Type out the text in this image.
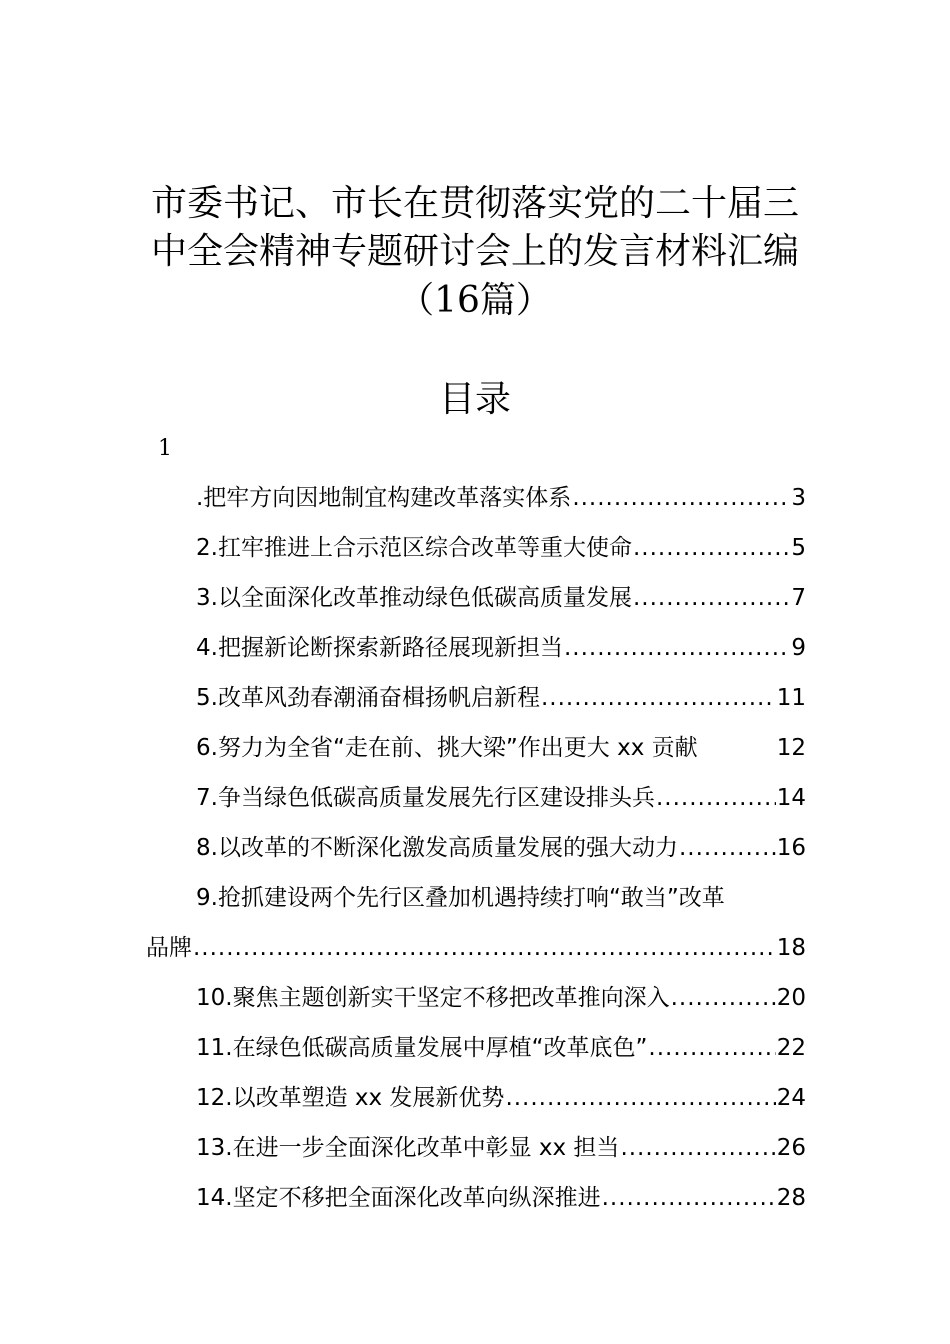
市委书记、市长在贯彻落实党的二十届三
中全会精神专题研讨会上的发言材料汇编
（16篇）
目录
1
.把牢方向因地制宜构建改革落实体系 .....	3
2.扛牢推进上合示范区综合改革等重大使命 .....	5
3.以全面深化改革推动绿色低碳高质量发展 .....	7
4.把握新论断探索新路径展现新担当 .....	9
5.改革风劲春潮涌奋楫扬帆启新程 .....	11
6.努力为全省“走在前、挑大梁”作出更大 xx 贡献	12
7.争当绿色低碳高质量发展先行区建设排头兵 .....	14
8.以改革的不断深化激发高质量发展的强大动力 .....	16
9.抢抓建设两个先行区叠加机遇持续打响“敢当”改革
品牌 .....	18
10.聚焦主题创新实干坚定不移把改革推向深入 .....	20
11.在绿色低碳高质量发展中厚植“改革底色” .....	22
12.以改革塑造 xx 发展新优势 .....	24
13.在进一步全面深化改革中彰显 xx 担当 .....	26
14.坚定不移把全面深化改革向纵深推进 .....	28
